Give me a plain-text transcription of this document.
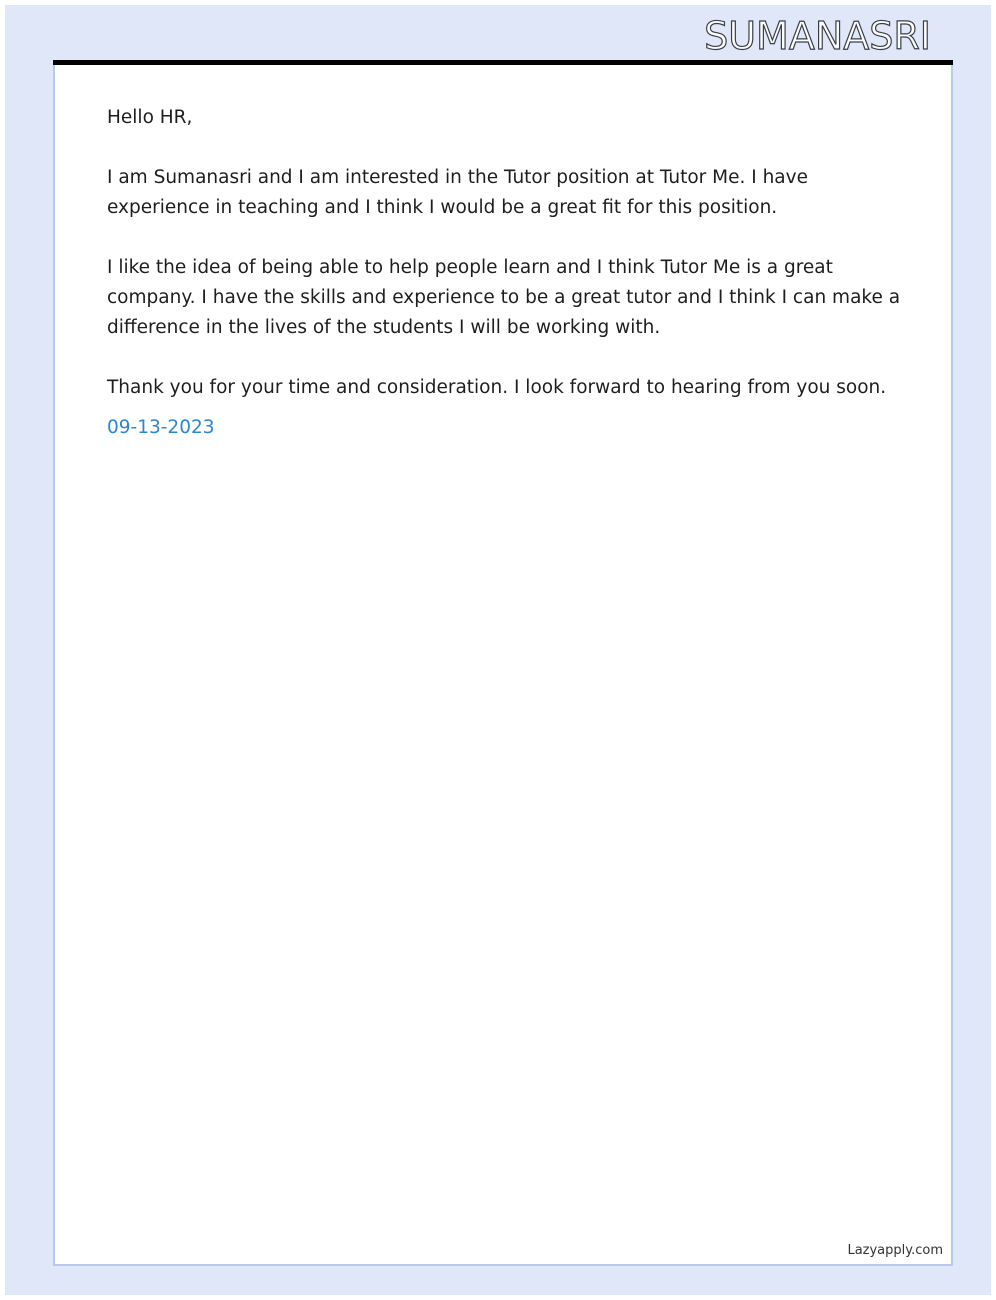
SUMANASRI

Hello HR,

I am Sumanasri and I am interested in the Tutor position at Tutor Me. I have experience in teaching and I think I would be a great fit for this position.

I like the idea of being able to help people learn and I think Tutor Me is a great company. I have the skills and experience to be a great tutor and I think I can make a difference in the lives of the students I will be working with.

Thank you for your time and consideration. I look forward to hearing from you soon.

09-13-2023

Lazyapply.com
